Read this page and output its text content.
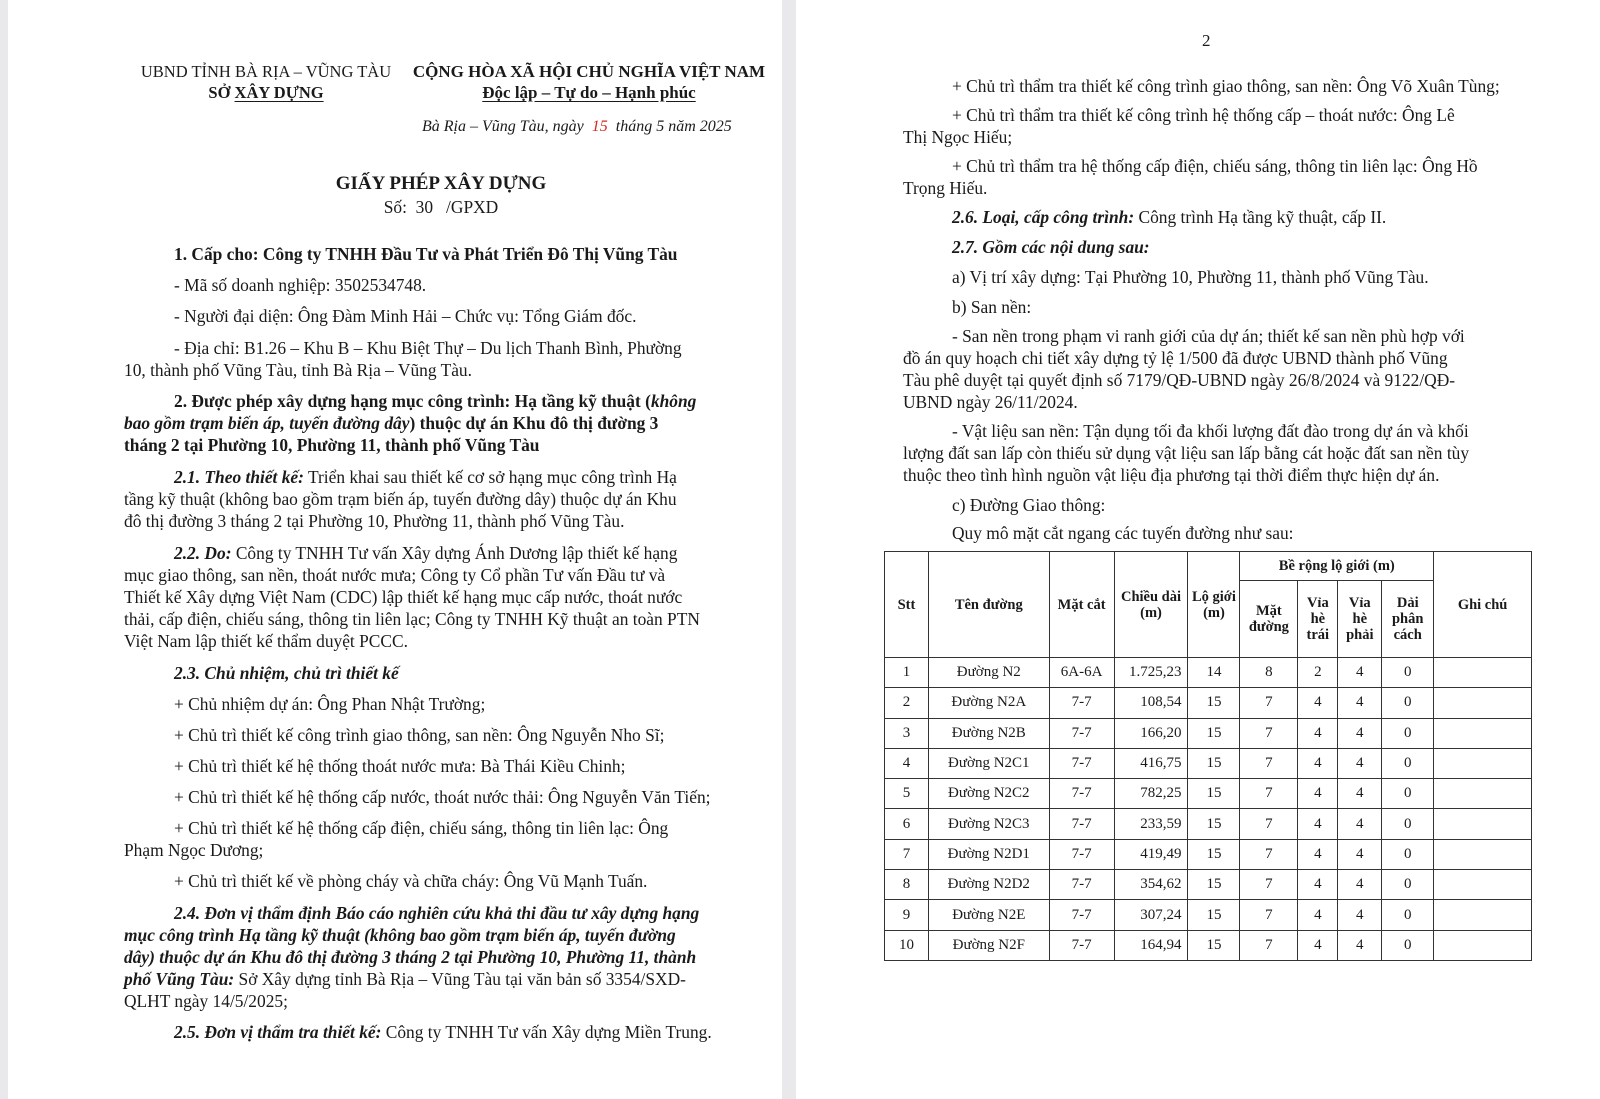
UBND TỈNH BÀ RỊA – VŨNG TÀU
SỞ XÂY DỰNG
CỘNG HÒA XÃ HỘI CHỦ NGHĨA VIỆT NAM
Độc lập – Tự do – Hạnh phúc
Bà Rịa – Vũng Tàu, ngày 15 tháng 5 năm 2025
GIẤY PHÉP XÂY DỰNG
Số:  30   /GPXD
1. Cấp cho: Công ty TNHH Đầu Tư và Phát Triển Đô Thị Vũng Tàu
- Mã số doanh nghiệp: 3502534748.
- Người đại diện: Ông Đàm Minh Hải – Chức vụ: Tổng Giám đốc.
- Địa chỉ: B1.26 – Khu B – Khu Biệt Thự – Du lịch Thanh Bình, Phường
10, thành phố Vũng Tàu, tỉnh Bà Rịa – Vũng Tàu.
2. Được phép xây dựng hạng mục công trình: Hạ tầng kỹ thuật (không
bao gồm trạm biến áp, tuyến đường dây) thuộc dự án Khu đô thị đường 3
tháng 2 tại Phường 10, Phường 11, thành phố Vũng Tàu
2.1. Theo thiết kế: Triển khai sau thiết kế cơ sở hạng mục công trình Hạ
tầng kỹ thuật (không bao gồm trạm biến áp, tuyến đường dây) thuộc dự án Khu
đô thị đường 3 tháng 2 tại Phường 10, Phường 11, thành phố Vũng Tàu.
2.2. Do: Công ty TNHH Tư vấn Xây dựng Ánh Dương lập thiết kế hạng
mục giao thông, san nền, thoát nước mưa; Công ty Cổ phần Tư vấn Đầu tư và
Thiết kế Xây dựng Việt Nam (CDC) lập thiết kế hạng mục cấp nước, thoát nước
thải, cấp điện, chiếu sáng, thông tin liên lạc; Công ty TNHH Kỹ thuật an toàn PTN
Việt Nam lập thiết kế thẩm duyệt PCCC.
2.3. Chủ nhiệm, chủ trì thiết kế
+ Chủ nhiệm dự án: Ông Phan Nhật Trường;
+ Chủ trì thiết kế công trình giao thông, san nền: Ông Nguyễn Nho Sĩ;
+ Chủ trì thiết kế hệ thống thoát nước mưa: Bà Thái Kiều Chinh;
+ Chủ trì thiết kế hệ thống cấp nước, thoát nước thải: Ông Nguyễn Văn Tiến;
+ Chủ trì thiết kế hệ thống cấp điện, chiếu sáng, thông tin liên lạc: Ông
Phạm Ngọc Dương;
+ Chủ trì thiết kế về phòng cháy và chữa cháy: Ông Vũ Mạnh Tuấn.
2.4. Đơn vị thẩm định Báo cáo nghiên cứu khả thi đầu tư xây dựng hạng
mục công trình Hạ tầng kỹ thuật (không bao gồm trạm biến áp, tuyến đường
dây) thuộc dự án Khu đô thị đường 3 tháng 2 tại Phường 10, Phường 11, thành
phố Vũng Tàu: Sở Xây dựng tỉnh Bà Rịa – Vũng Tàu tại văn bản số 3354/SXD-
QLHT ngày 14/5/2025;
2.5. Đơn vị thẩm tra thiết kế: Công ty TNHH Tư vấn Xây dựng Miền Trung.
2
+ Chủ trì thẩm tra thiết kế công trình giao thông, san nền: Ông Võ Xuân Tùng;
+ Chủ trì thẩm tra thiết kế công trình hệ thống cấp – thoát nước: Ông Lê
Thị Ngọc Hiếu;
+ Chủ trì thẩm tra hệ thống cấp điện, chiếu sáng, thông tin liên lạc: Ông Hồ
Trọng Hiếu.
2.6. Loại, cấp công trình: Công trình Hạ tầng kỹ thuật, cấp II.
2.7. Gồm các nội dung sau:
a) Vị trí xây dựng: Tại Phường 10, Phường 11, thành phố Vũng Tàu.
b) San nền:
- San nền trong phạm vi ranh giới của dự án; thiết kế san nền phù hợp với
đồ án quy hoạch chi tiết xây dựng tỷ lệ 1/500 đã được UBND thành phố Vũng
Tàu phê duyệt tại quyết định số 7179/QĐ-UBND ngày 26/8/2024 và 9122/QĐ-
UBND ngày 26/11/2024.
- Vật liệu san nền: Tận dụng tối đa khối lượng đất đào trong dự án và khối
lượng đất san lấp còn thiếu sử dụng vật liệu san lấp bằng cát hoặc đất san nền tùy
thuộc theo tình hình nguồn vật liệu địa phương tại thời điểm thực hiện dự án.
c) Đường Giao thông:
Quy mô mặt cắt ngang các tuyến đường như sau:
Stt	Tên đường	Mặt cắt	Chiều dài (m)	Lộ giới (m)	Bề rộng lộ giới (m)				Ghi chú
					Mặt đường	Vỉa hè trái	Vỉa hè phải	Dải phân cách	
1	Đường N2	6A-6A	1.725,23	14	8	2	4	0	
2	Đường N2A	7-7	108,54	15	7	4	4	0	
3	Đường N2B	7-7	166,20	15	7	4	4	0	
4	Đường N2C1	7-7	416,75	15	7	4	4	0	
5	Đường N2C2	7-7	782,25	15	7	4	4	0	
6	Đường N2C3	7-7	233,59	15	7	4	4	0	
7	Đường N2D1	7-7	419,49	15	7	4	4	0	
8	Đường N2D2	7-7	354,62	15	7	4	4	0	
9	Đường N2E	7-7	307,24	15	7	4	4	0	
10	Đường N2F	7-7	164,94	15	7	4	4	0	
